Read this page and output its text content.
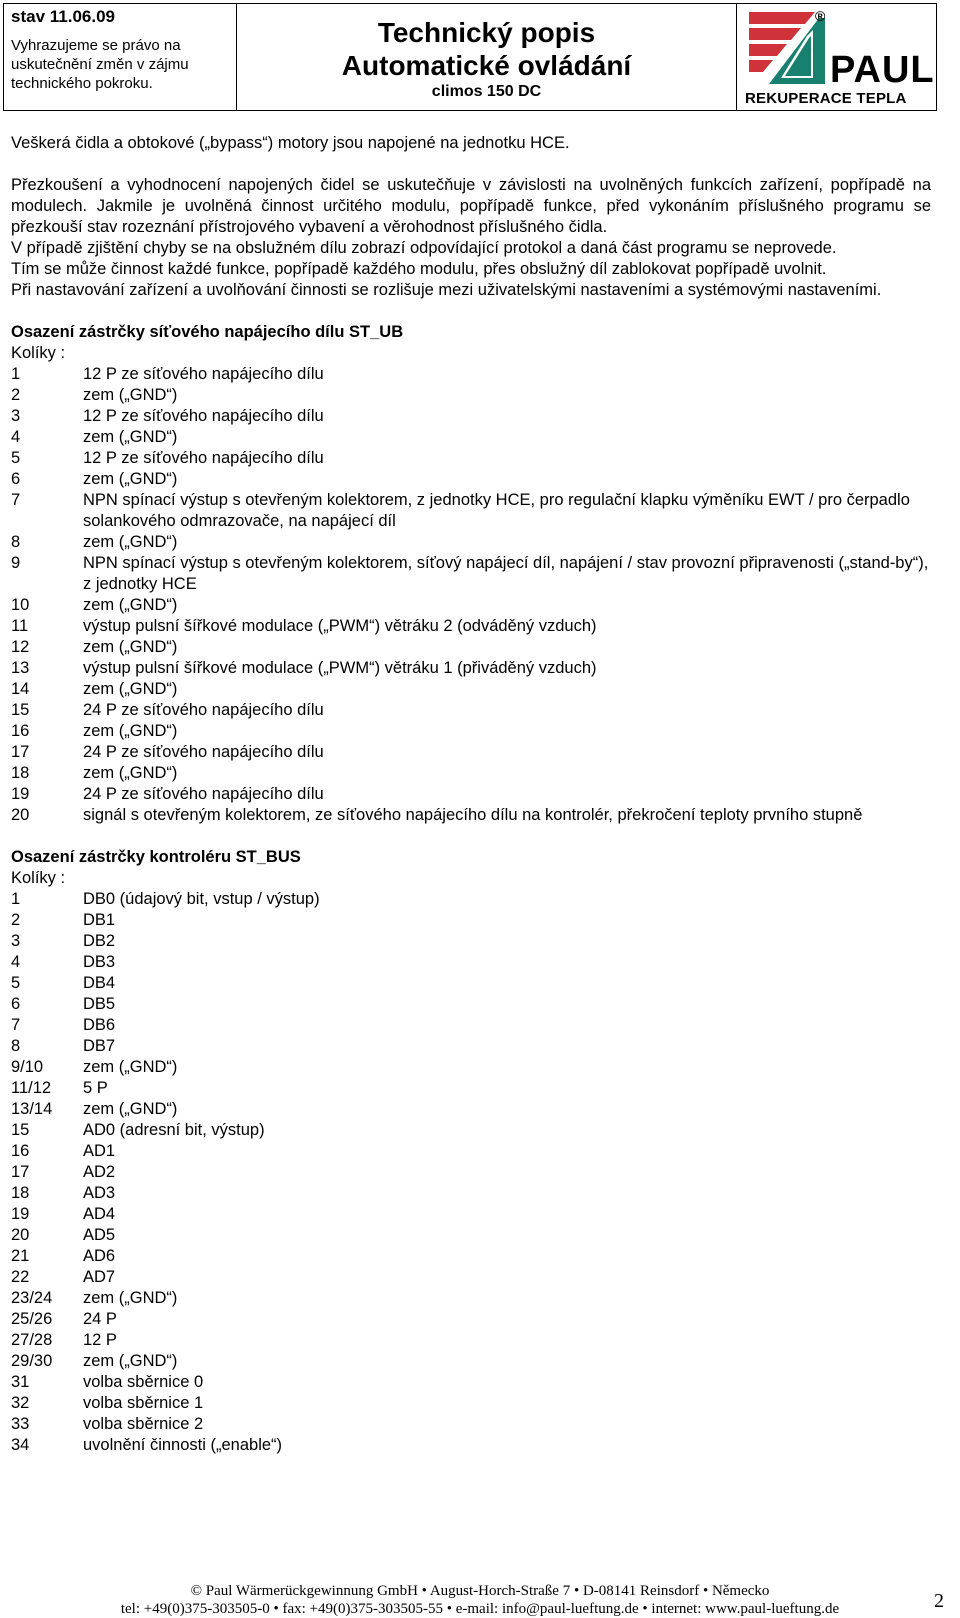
stav 11.06.09
Vyhrazujeme se právo na uskutečnění změn v zájmu technického pokroku.
Technický popis
Automatické ovládání
climos 150 DC
®
PAUL
REKUPERACE TEPLA

Veškerá čidla a obtokové („bypass“) motory jsou napojené na jednotku HCE.

Přezkoušení a vyhodnocení napojených čidel se uskutečňuje v závislosti na uvolněných funkcích zařízení, popřípadě na modulech. Jakmile je uvolněná činnost určitého modulu, popřípadě funkce, před vykonáním příslušného programu se přezkouší stav rozeznání přístrojového vybavení a věrohodnost příslušného čidla.

V případě zjištění chyby se na obslužném dílu zobrazí odpovídající protokol a daná část programu se neprovede.

Tím se může činnost každé funkce, popřípadě každého modulu, přes obslužný díl zablokovat popřípadě uvolnit.

Při nastavování zařízení a uvolňování činnosti se rozlišuje mezi uživatelskými nastaveními a systémovými nastaveními.

Osazení zástrčky síťového napájecího dílu ST_UB
Kolíky :
1	12 P ze síťového napájecího dílu
2	zem („GND“)
3	12 P ze síťového napájecího dílu
4	zem („GND“)
5	12 P ze síťového napájecího dílu
6	zem („GND“)
7	NPN spínací výstup s otevřeným kolektorem, z jednotky HCE, pro regulační klapku výměníku EWT / pro čerpadlo solankového odmrazovače, na napájecí díl
8	zem („GND“)
9	NPN spínací výstup s otevřeným kolektorem, síťový napájecí díl, napájení / stav provozní připravenosti („stand-by“), z jednotky HCE
10	zem („GND“)
11	výstup pulsní šířkové modulace („PWM“) větráku 2 (odváděný vzduch)
12	zem („GND“)
13	výstup pulsní šířkové modulace („PWM“) větráku 1 (přiváděný vzduch)
14	zem („GND“)
15	24 P ze síťového napájecího dílu
16	zem („GND“)
17	24 P ze síťového napájecího dílu
18	zem („GND“)
19	24 P ze síťového napájecího dílu
20	signál s otevřeným kolektorem, ze síťového napájecího dílu na kontrolér, překročení teploty prvního stupně
Osazení zástrčky kontroléru ST_BUS
Kolíky :
1	DB0 (údajový bit, vstup / výstup)
2	DB1
3	DB2
4	DB3
5	DB4
6	DB5
7	DB6
8	DB7
9/10	zem („GND“)
11/12	5 P
13/14	zem („GND“)
15	AD0 (adresní bit, výstup)
16	AD1
17	AD2
18	AD3
19	AD4
20	AD5
21	AD6
22	AD7
23/24	zem („GND“)
25/26	24 P
27/28	12 P
29/30	zem („GND“)
31	volba sběrnice 0
32	volba sběrnice 1
33	volba sběrnice 2
34	uvolnění činnosti („enable“)
© Paul Wärmerückgewinnung GmbH • August-Horch-Straße 7 • D-08141 Reinsdorf • Německo
tel: +49(0)375-303505-0 • fax: +49(0)375-303505-55 • e-mail: info@paul-lueftung.de • internet: www.paul-lueftung.de	2
